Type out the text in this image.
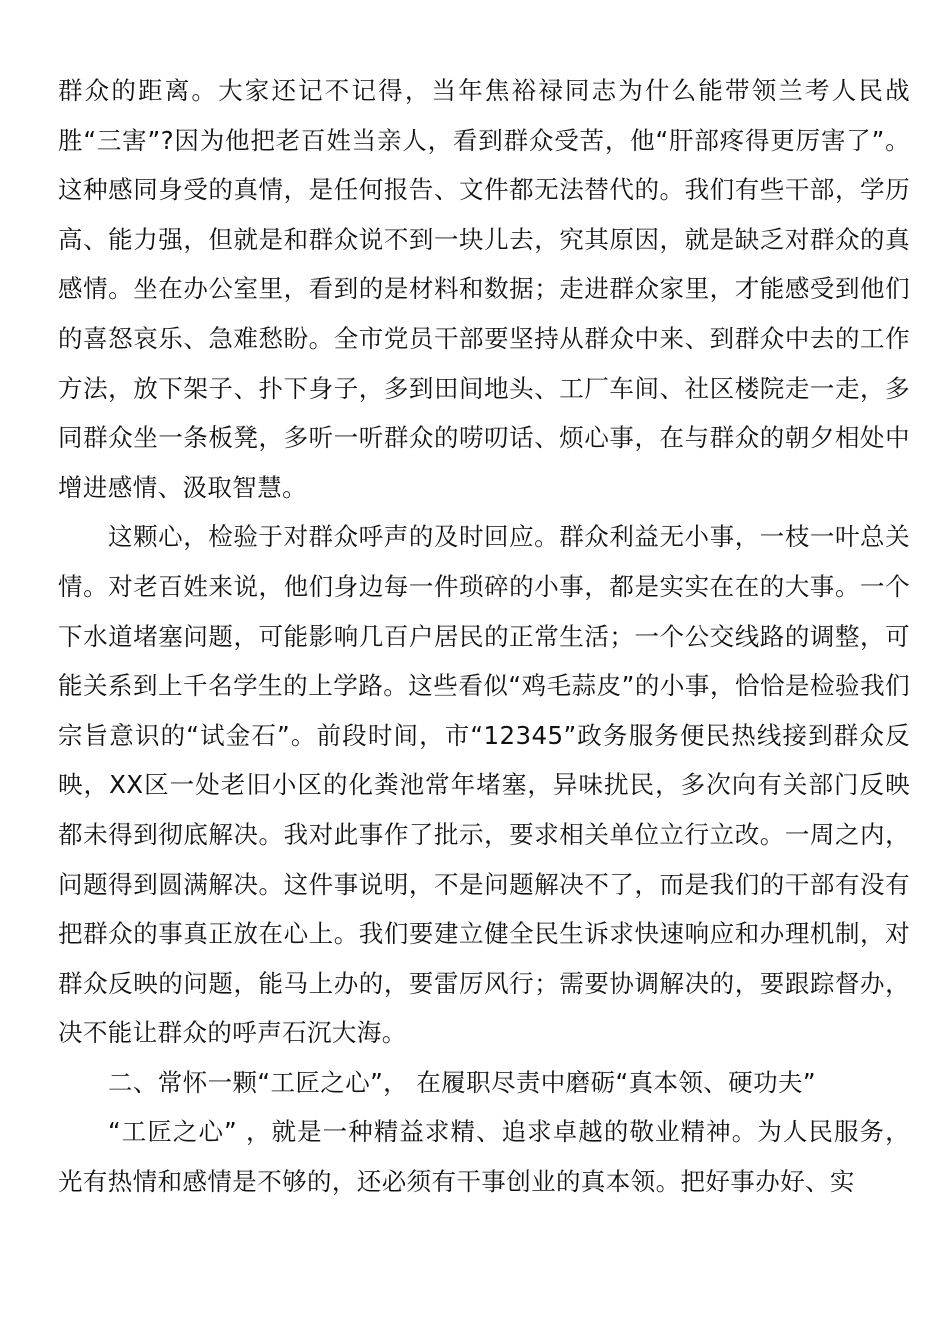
群众的距离。大家还记不记得，当年焦裕禄同志为什么能带领兰考人民战胜“三害”?因为他把老百姓当亲人，看到群众受苦，他“肝部疼得更厉害了”。这种感同身受的真情，是任何报告、文件都无法替代的。我们有些干部，学历高、能力强，但就是和群众说不到一块儿去，究其原因，就是缺乏对群众的真感情。坐在办公室里，看到的是材料和数据；走进群众家里，才能感受到他们的喜怒哀乐、急难愁盼。全市党员干部要坚持从群众中来、到群众中去的工作方法，放下架子、扑下身子，多到田间地头、工厂车间、社区楼院走一走，多同群众坐一条板凳，多听一听群众的唠叨话、烦心事，在与群众的朝夕相处中增进感情、汲取智慧。

这颗心，检验于对群众呼声的及时回应。群众利益无小事，一枝一叶总关情。对老百姓来说，他们身边每一件琐碎的小事，都是实实在在的大事。一个下水道堵塞问题，可能影响几百户居民的正常生活；一个公交线路的调整，可能关系到上千名学生的上学路。这些看似“鸡毛蒜皮”的小事，恰恰是检验我们宗旨意识的“试金石”。前段时间，市“12345”政务服务便民热线接到群众反映，XX区一处老旧小区的化粪池常年堵塞，异味扰民，多次向有关部门反映都未得到彻底解决。我对此事作了批示，要求相关单位立行立改。一周之内，问题得到圆满解决。这件事说明，不是问题解决不了，而是我们的干部有没有把群众的事真正放在心上。我们要建立健全民生诉求快速响应和办理机制，对群众反映的问题，能马上办的，要雷厉风行；需要协调解决的，要跟踪督办，决不能让群众的呼声石沉大海。

二、常怀一颗“工匠之心”， 在履职尽责中磨砺“真本领、硬功夫”

“工匠之心” ，就是一种精益求精、追求卓越的敬业精神。为人民服务，光有热情和感情是不够的，还必须有干事创业的真本领。把好事办好、实
